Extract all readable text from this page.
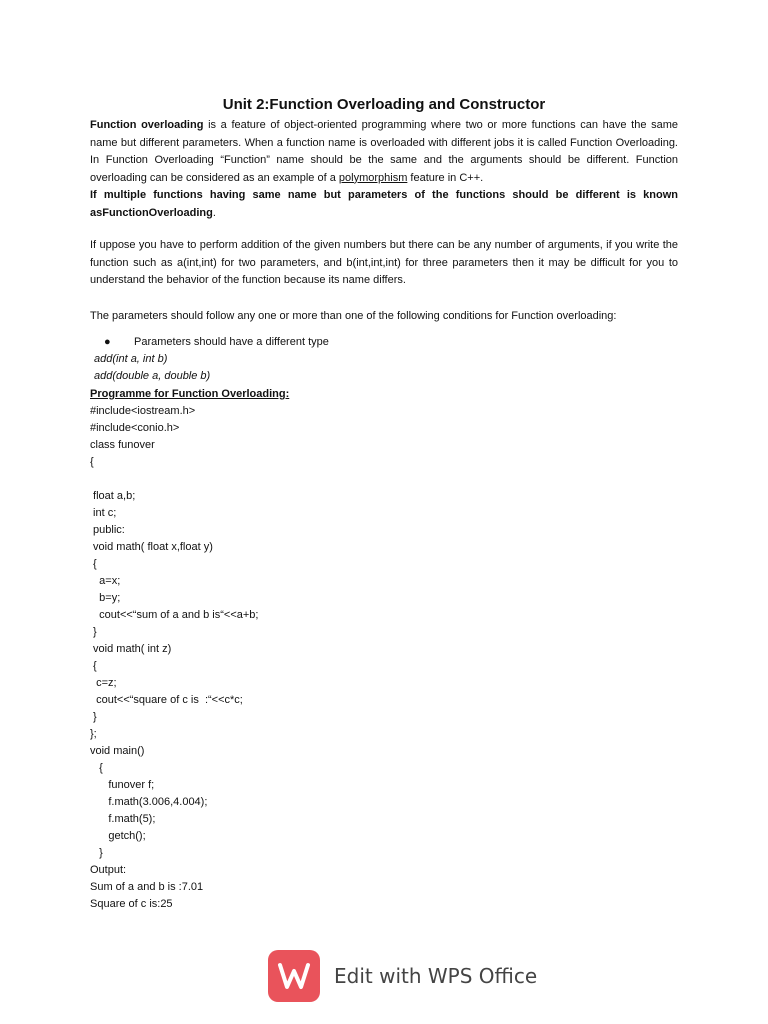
Unit 2:Function Overloading and Constructor

Function overloading is a feature of object-oriented programming where two or more functions can have the same name but different parameters. When a function name is overloaded with different jobs it is called Function Overloading. In Function Overloading “Function” name should be the same and the arguments should be different. Function overloading can be considered as an example of a polymorphism feature in C++.
If multiple functions having same name but parameters of the functions should be different is known asFunctionOverloading.

If uppose you have to perform addition of the given numbers but there can be any number of arguments, if you write the function such as a(int,int) for two parameters, and b(int,int,int) for three parameters then it may be difficult for you to understand the behavior of the function because its name differs.

The parameters should follow any one or more than one of the following conditions for Function overloading:

● Parameters should have a different type
add(int a, int b)
add(double a, double b)
Programme for Function Overloading:
#include<iostream.h>
#include<conio.h>
class funover
{
float a,b;
int c;
public:
void math( float x,float y)
{
a=x;
b=y;
cout<<“sum of a and b is“<<a+b;
}
void math( int z)
{
c=z;
cout<<“square of c is  :“<<c*c;
}
};
void main()
{
funover f;
f.math(3.006,4.004);
f.math(5);
getch();
}
Output:
Sum of a and b is :7.01
Square of c is:25
Edit with WPS Office
